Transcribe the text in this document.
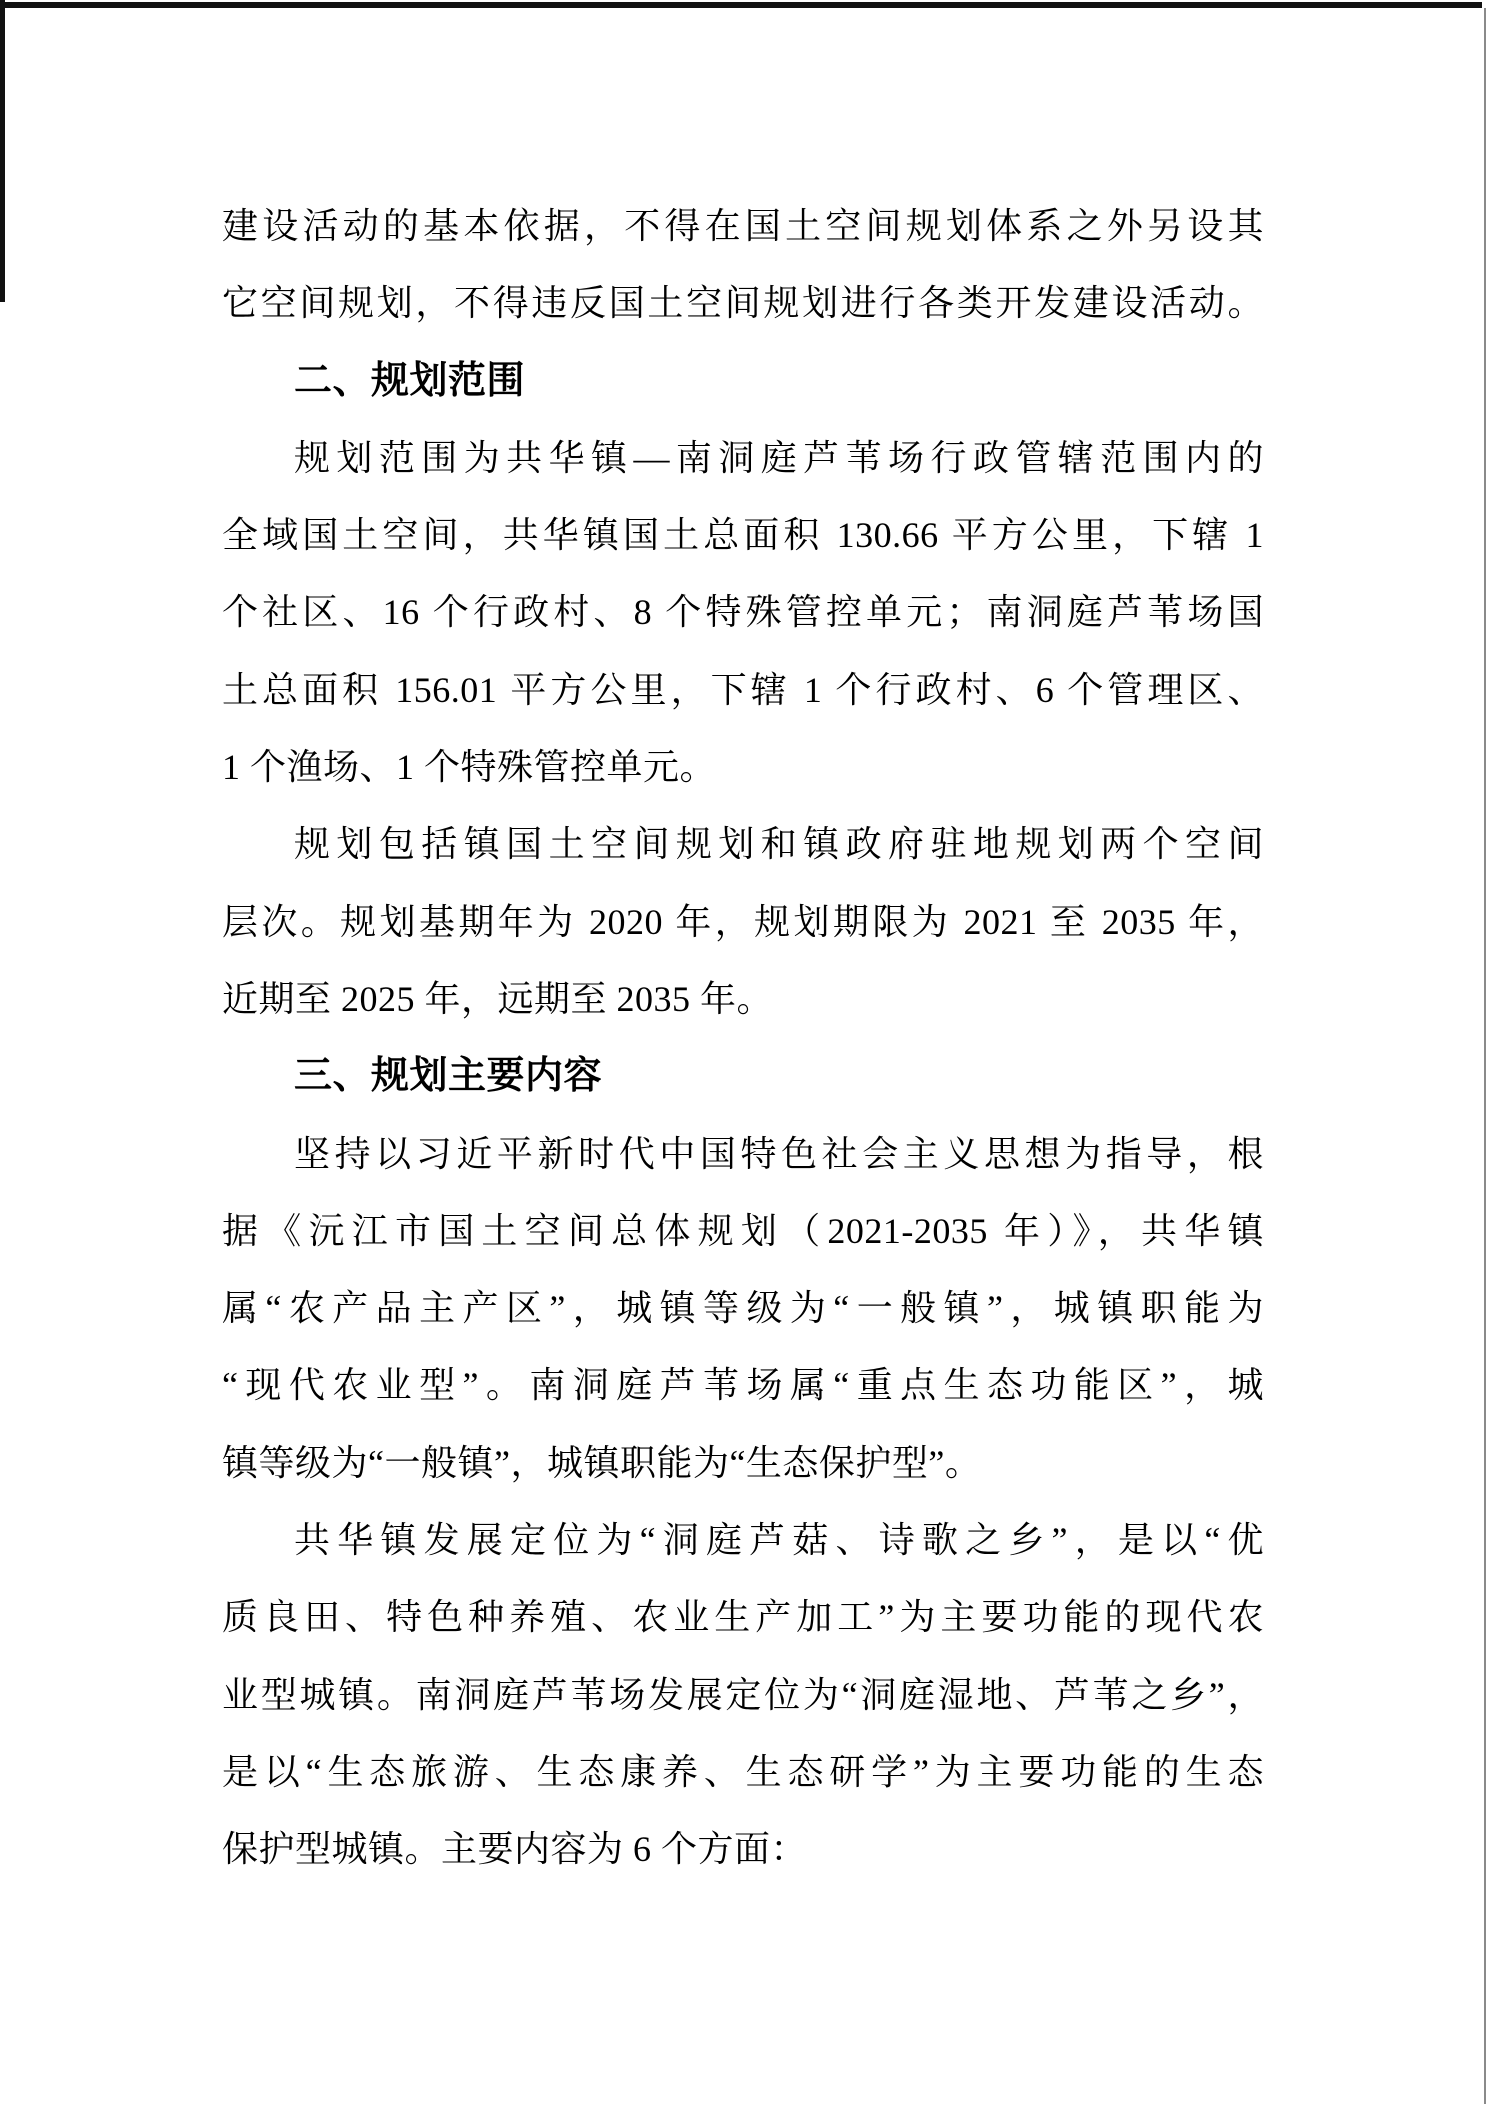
建设活动的基本依据，不得在国土空间规划体系之外另设其
它空间规划，不得违反国土空间规划进行各类开发建设活动。
二、规划范围
规划范围为共华镇—南洞庭芦苇场行政管辖范围内的
全域国土空间，共华镇国土总面积 130.66 平方公里，下辖 1
个社区、16 个行政村、8 个特殊管控单元；南洞庭芦苇场国
土总面积 156.01 平方公里，下辖 1 个行政村、6 个管理区、
1 个渔场、1 个特殊管控单元。
规划包括镇国土空间规划和镇政府驻地规划两个空间
层次。规划基期年为 2020 年，规划期限为 2021 至 2035 年，
近期至 2025 年，远期至 2035 年。
三、规划主要内容
坚持以习近平新时代中国特色社会主义思想为指导，根
据《沅江市国土空间总体规划（2021-2035 年）》，共华镇
属“农产品主产区”，城镇等级为“一般镇”，城镇职能为
“现代农业型”。南洞庭芦苇场属“重点生态功能区”，城
镇等级为“一般镇”，城镇职能为“生态保护型”。
共华镇发展定位为“洞庭芦菇、诗歌之乡”，是以“优
质良田、特色种养殖、农业生产加工”为主要功能的现代农
业型城镇。南洞庭芦苇场发展定位为“洞庭湿地、芦苇之乡”，
是以“生态旅游、生态康养、生态研学”为主要功能的生态
保护型城镇。主要内容为 6 个方面：
